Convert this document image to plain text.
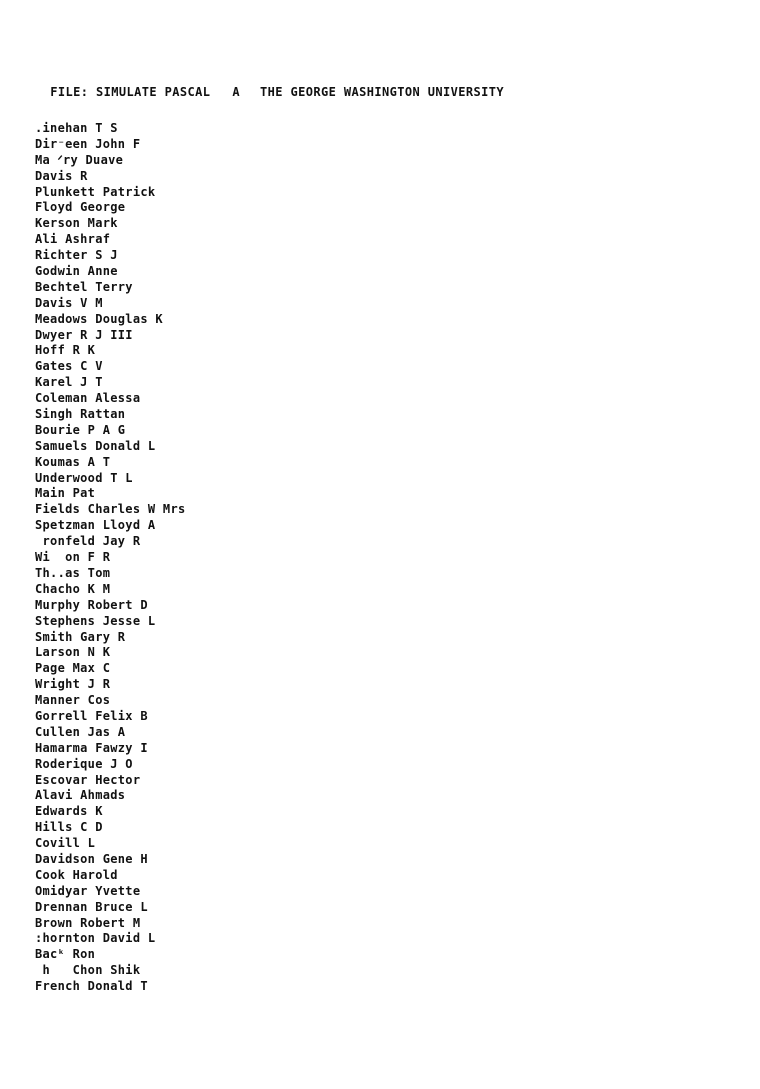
FILE: SIMULATE PASCAL A THE GEORGE WASHINGTON UNIVERSITY

.inehan T S
Dir⁻een John F
Ma ᐟry Duave
Davis R
Plunkett Patrick
Floyd George
Kerson Mark
Ali Ashraf
Richter S J
Godwin Anne
Bechtel Terry
Davis V M
Meadows Douglas K
Dwyer R J III
Hoff R K
Gates C V
Karel J T
Coleman Alessa
Singh Rattan
Bourie P A G
Samuels Donald L
Koumas A T
Underwood T L
Main Pat
Fields Charles W Mrs
Spetzman Lloyd A
ronfeld Jay R
Wi  on F R
Th..as Tom
Chacho K M
Murphy Robert D
Stephens Jesse L
Smith Gary R
Larson N K
Page Max C
Wright J R
Manner Cos
Gorrell Felix B
Cullen Jas A
Hamarma Fawzy I
Roderique J O
Escovar Hector
Alavi Ahmads
Edwards K
Hills C D
Covill L
Davidson Gene H
Cook Harold
Omidyar Yvette
Drennan Bruce L
Brown Robert M
:hornton David L
Bacᵏ Ron
h   Chon Shik
French Donald T
